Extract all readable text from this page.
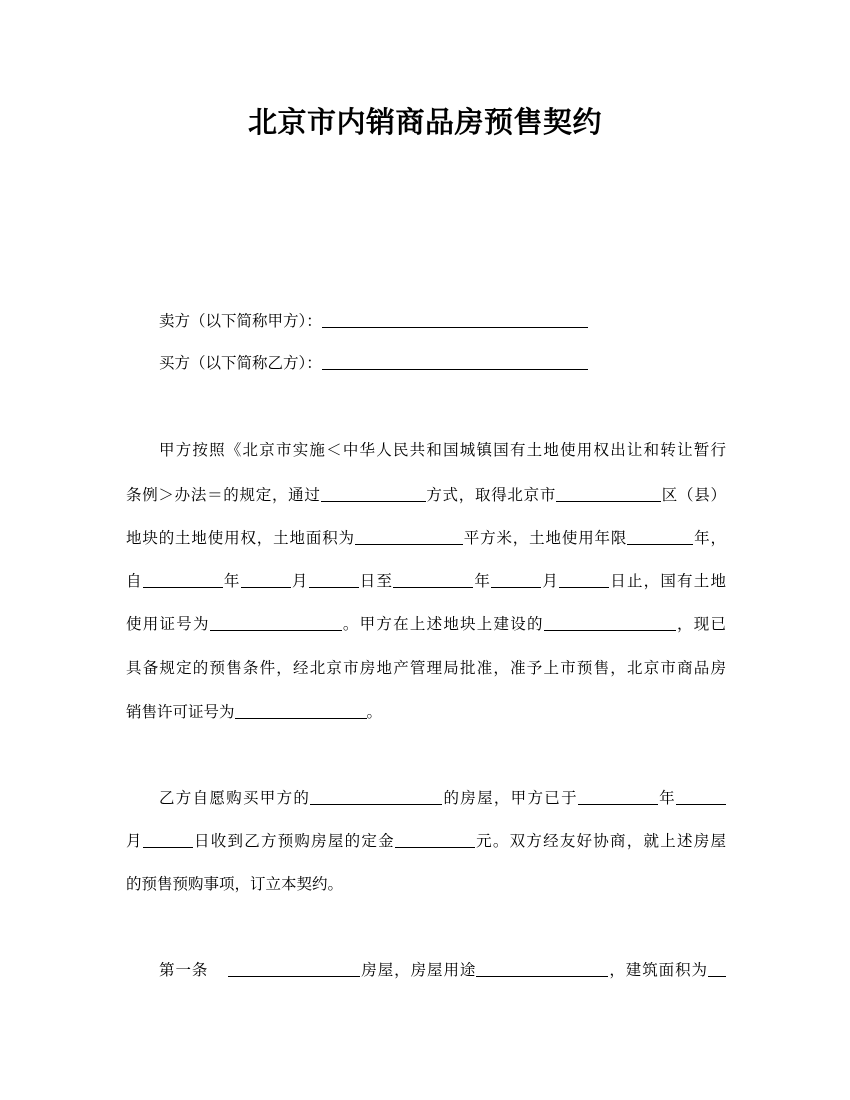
北京市内销商品房预售契约
卖方（以下简称甲方）：
买方（以下简称乙方）：
甲方按照《北京市实施＜中华人民共和国城镇国有土地使用权出让和转让暂行
条例＞办法＝的规定，通过	方式，取得北京市	区（县）
地块的土地使用权，土地面积为	平方米，土地使用年限	年，
自	年	月	日至	年	月	日止，国有土地
使用证号为	。甲方在上述地块上建设的	，现已
具备规定的预售条件，经北京市房地产管理局批准，准予上市预售，北京市商品房
销售许可证号为	。
乙方自愿购买甲方的	的房屋，甲方已于	年
月	日收到乙方预购房屋的定金	元。双方经友好协商，就上述房屋
的预售预购事项，订立本契约。
第一条	房屋，房屋用途	，建筑面积为
